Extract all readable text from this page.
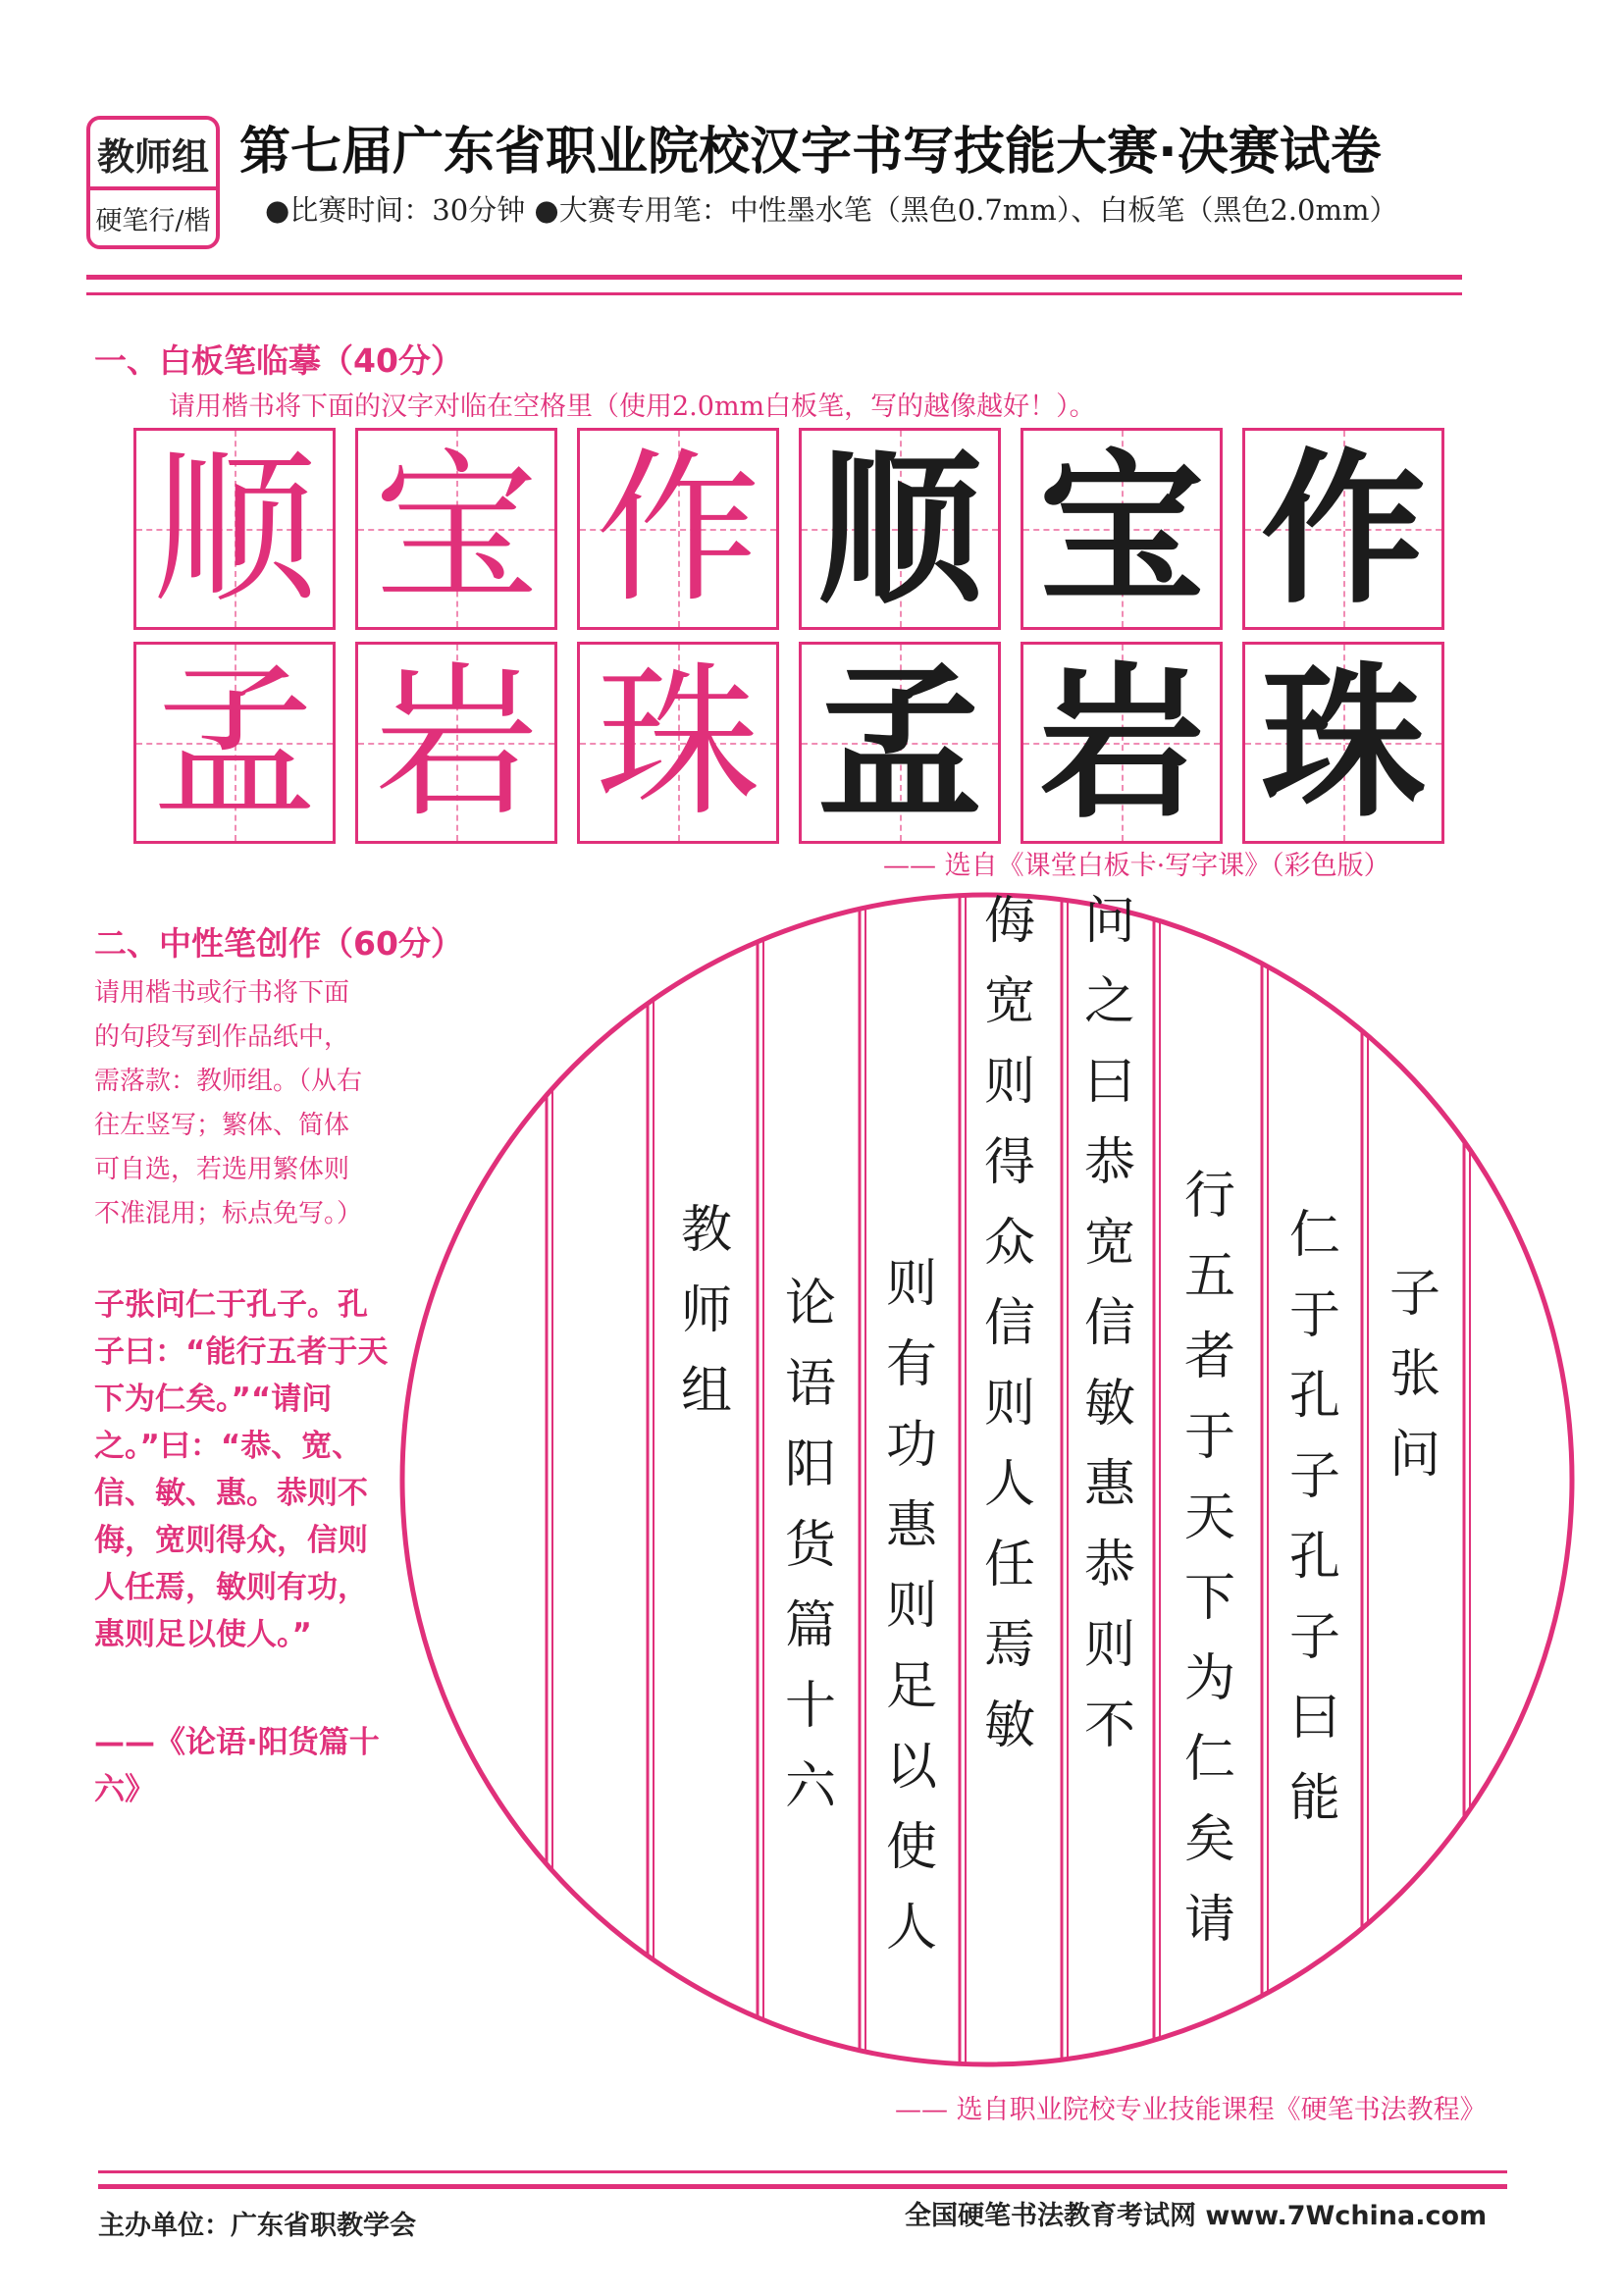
教师组
硬笔行/楷
第七届广东省职业院校汉字书写技能大赛·决赛试卷
●比赛时间：30分钟 ●大赛专用笔：中性墨水笔（黑色0.7mm）、白板笔（黑色2.0mm）
一、白板笔临摹（40分）
请用楷书将下面的汉字对临在空格里（使用2.0mm白板笔，写的越像越好！）。
顺 宝 作 顺 宝 作
孟 岩 珠 孟 岩 珠
—— 选自《课堂白板卡·写字课》（彩色版）
二、中性笔创作（60分）
请用楷书或行书将下面的句段写到作品纸中，需落款：教师组。（从右往左竖写；繁体、简体可自选，若选用繁体则不准混用；标点免写。）
子张问仁于孔子。孔子曰：“能行五者于天下为仁矣。”“请问之。”曰：“恭、宽、信、敏、惠。恭则不侮，宽则得众，信则人任焉，敏则有功，惠则足以使人。”
——《论语·阳货篇十六》
子
张
问
仁
于
孔
子
孔
子
曰
能
行
五
者
于
天
下
为
仁
矣
请
问
之
曰
恭
宽
信
敏
惠
恭
则
不
侮
宽
则
得
众
信
则
人
任
焉
敏
则
有
功
惠
则
足
以
使
人
论
语
阳
货
篇
十
六
教
师
组
—— 选自职业院校专业技能课程《硬笔书法教程》
主办单位：广东省职教学会	全国硬笔书法教育考试网 www.7Wchina.com
